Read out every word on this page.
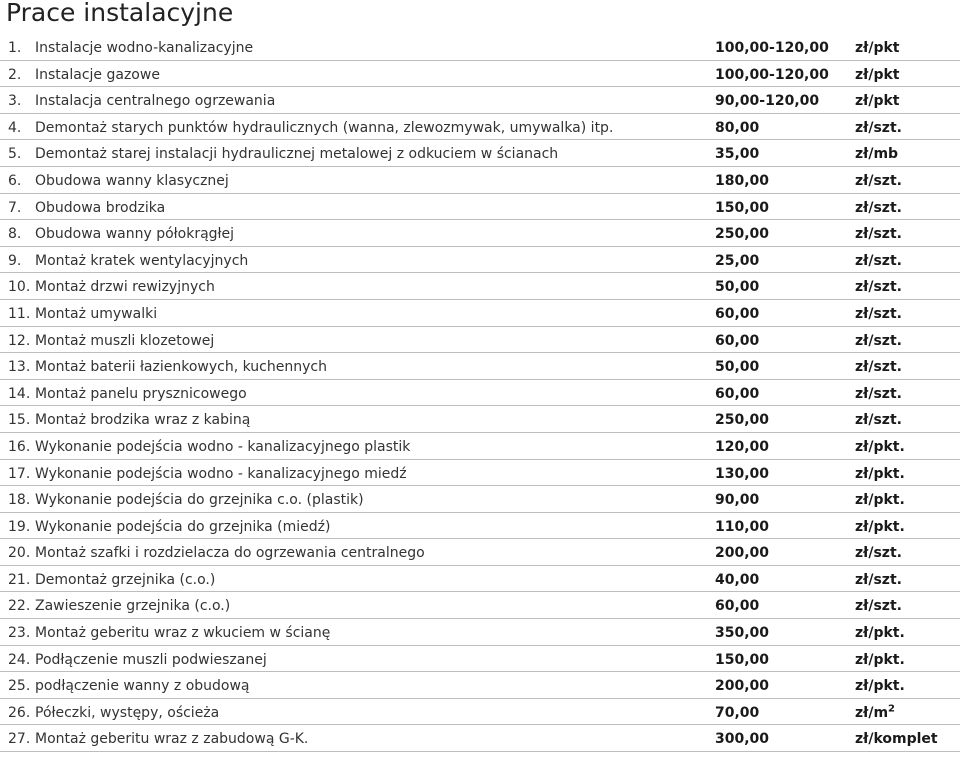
Prace instalacyjne
1. Instalacje wodno-kanalizacyjne	100,00-120,00 zł/pkt
2. Instalacje gazowe	100,00-120,00 zł/pkt
3. Instalacja centralnego ogrzewania	90,00-120,00	zł/pkt
4. Demontaż starych punktów hydraulicznych (wanna, zlewozmywak, umywalka) itp.	80,00	zł/szt.
5. Demontaż starej instalacji hydraulicznej metalowej z odkuciem w ścianach	35,00	zł/mb
6. Obudowa wanny klasycznej	180,00	zł/szt.
7. Obudowa brodzika	150,00	zł/szt.
8. Obudowa wanny półokrągłej	250,00	zł/szt.
9. Montaż kratek wentylacyjnych	25,00	zł/szt.
10. Montaż drzwi rewizyjnych	50,00	zł/szt.
11. Montaż umywalki	60,00	zł/szt.
12. Montaż muszli klozetowej	60,00	zł/szt.
13. Montaż baterii łazienkowych, kuchennych	50,00	zł/szt.
14. Montaż panelu prysznicowego	60,00	zł/szt.
15. Montaż brodzika wraz z kabiną	250,00	zł/szt.
16. Wykonanie podejścia wodno - kanalizacyjnego plastik	120,00	zł/pkt.
17. Wykonanie podejścia wodno - kanalizacyjnego miedź	130,00	zł/pkt.
18. Wykonanie podejścia do grzejnika c.o. (plastik)	90,00	zł/pkt.
19. Wykonanie podejścia do grzejnika (miedź)	110,00	zł/pkt.
20. Montaż szafki i rozdzielacza do ogrzewania centralnego	200,00	zł/szt.
21. Demontaż grzejnika (c.o.)	40,00	zł/szt.
22. Zawieszenie grzejnika (c.o.)	60,00	zł/szt.
23. Montaż geberitu wraz z wkuciem w ścianę	350,00	zł/pkt.
24. Podłączenie muszli podwieszanej	150,00	zł/pkt.
25. podłączenie wanny z obudową	200,00	zł/pkt.
26. Półeczki, występy, ościeża	70,00	$zł/m^2$
27. Montaż geberitu wraz z zabudową G-K.	300,00	zł/komplet
